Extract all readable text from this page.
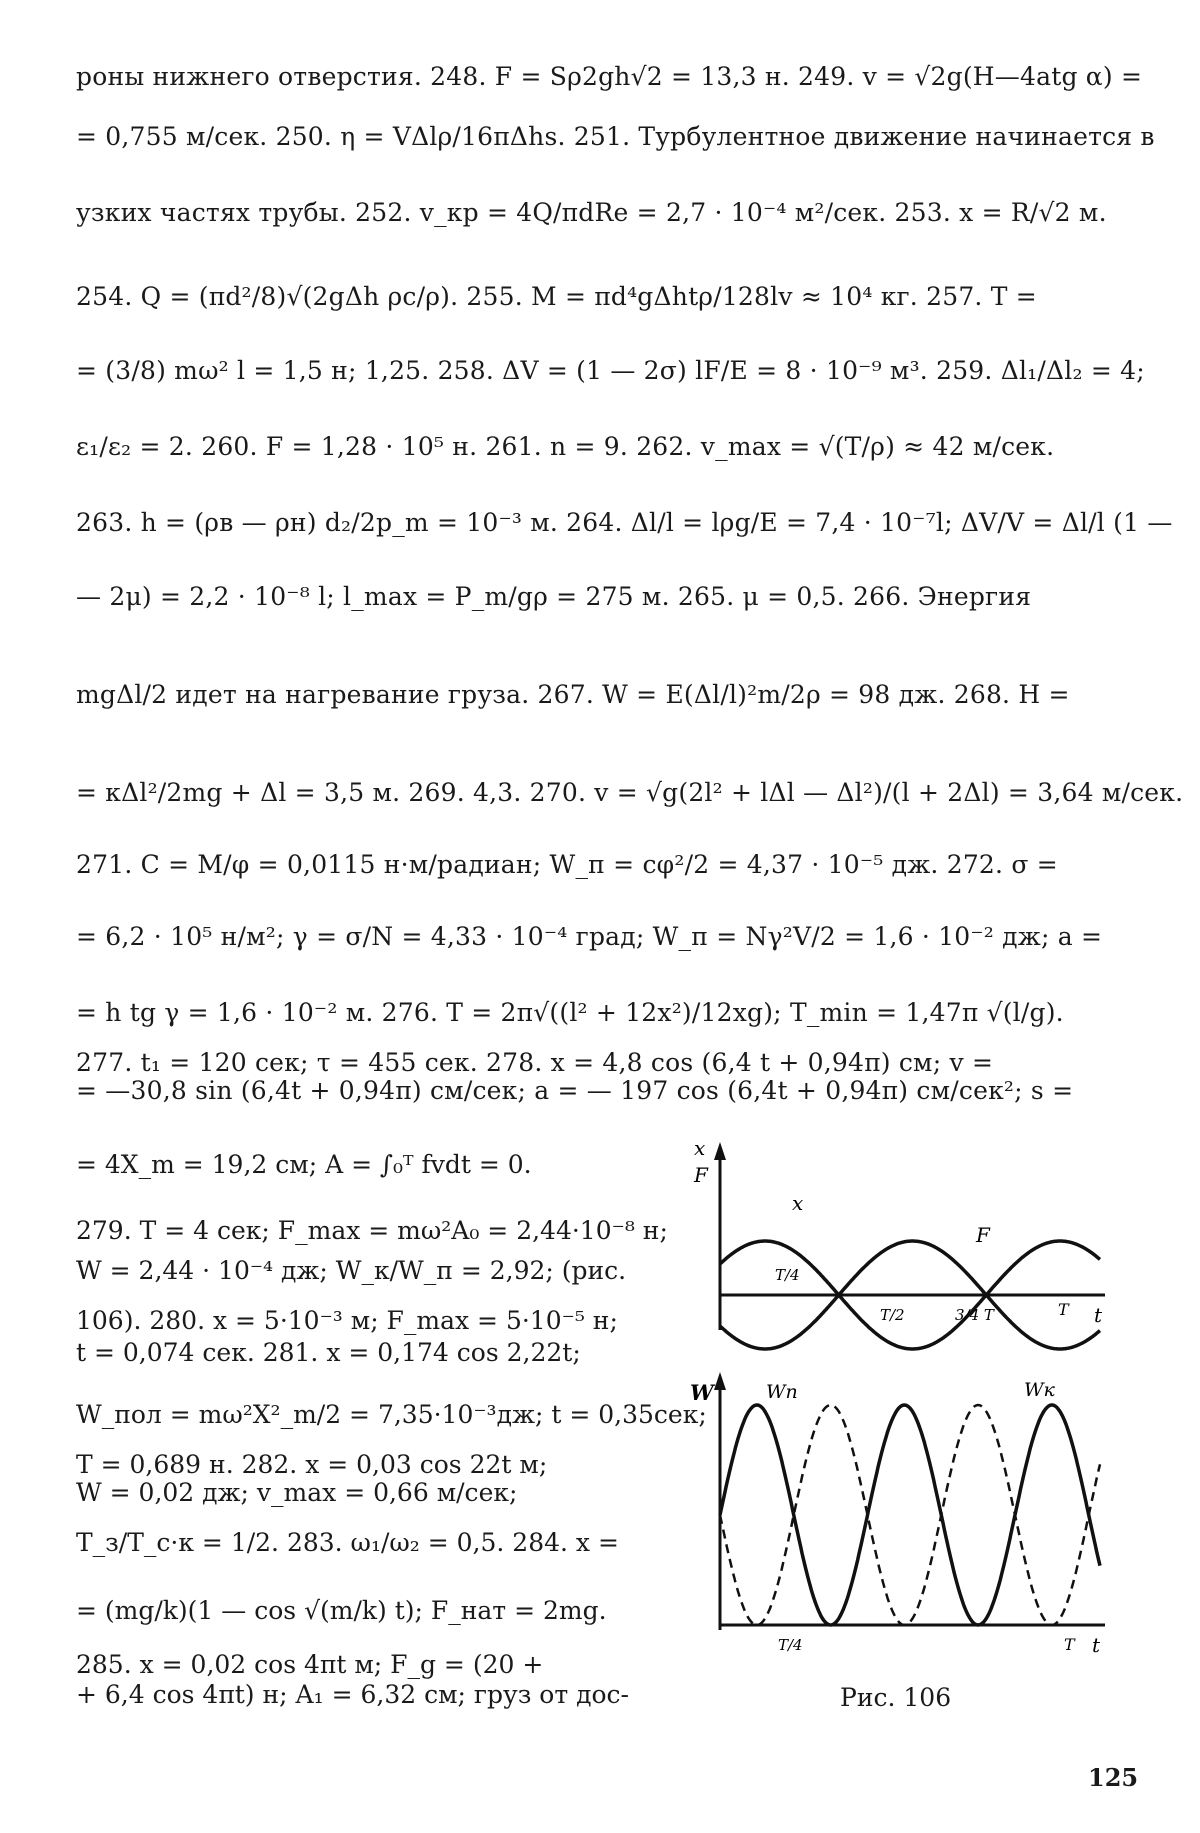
роны нижнего отверстия. 248. F = Sρ2gh√2 = 13,3 н. 249. v = √2g(H—4atg α) =
= 0,755 м/сек. 250. η = VΔlρ/16πΔhs. 251. Турбулентное движение начинается в
узких частях трубы. 252. v_кр = 4Q/πdRe = 2,7 · 10⁻⁴ м²/сек. 253. x = R/√2 м.
254. Q = (πd²/8)√(2gΔh ρc/ρ). 255. M = πd⁴gΔhtρ/128lv ≈ 10⁴ кг. 257. T =
= (3/8) mω² l = 1,5 н; 1,25. 258. ΔV = (1 — 2σ) lF/E = 8 · 10⁻⁹ м³. 259. Δl₁/Δl₂ = 4;
ε₁/ε₂ = 2. 260. F = 1,28 · 10⁵ н. 261. n = 9. 262. v_max = √(T/ρ) ≈ 42 м/сек.
263. h = (ρв — ρн) d₂/2p_m = 10⁻³ м. 264. Δl/l = lρg/E = 7,4 · 10⁻⁷l; ΔV/V = Δl/l (1 —
— 2μ) = 2,2 · 10⁻⁸ l; l_max = P_m/gρ = 275 м. 265. μ = 0,5. 266. Энергия
mgΔl/2 идет на нагревание груза. 267. W = E(Δl/l)²m/2ρ = 98 дж. 268. H =
= κΔl²/2mg + Δl = 3,5 м. 269. 4,3. 270. v = √g(2l² + lΔl — Δl²)/(l + 2Δl) = 3,64 м/сек.
271. C = M/φ = 0,0115 н·м/радиан; W_п = cφ²/2 = 4,37 · 10⁻⁵ дж. 272. σ =
= 6,2 · 10⁵ н/м²; γ = σ/N = 4,33 · 10⁻⁴ град; W_п = Nγ²V/2 = 1,6 · 10⁻² дж; a =
= h tg γ = 1,6 · 10⁻² м. 276. T = 2π√((l² + 12x²)/12xg); T_min = 1,47π √(l/g).
277. t₁ = 120 сек; τ = 455 сек. 278. x = 4,8 cos (6,4 t + 0,94π) см; v =
= —30,8 sin (6,4t + 0,94π) см/сек; a = — 197 cos (6,4t + 0,94π) см/сек²; s =
= 4X_m = 19,2 см; A = ∫₀ᵀ fvdt = 0.
279. T = 4 сек; F_max = mω²A₀ = 2,44·10⁻⁸ н;
W = 2,44 · 10⁻⁴ дж; W_к/W_п = 2,92; (рис.
106). 280. x = 5·10⁻³ м; F_max = 5·10⁻⁵ н;
t = 0,074 сек. 281. x = 0,174 cos 2,22t;
W_пол = mω²X²_m/2 = 7,35·10⁻³дж; t = 0,35сек;
T = 0,689 н. 282. x = 0,03 cos 22t м;
W = 0,02 дж; v_max = 0,66 м/сек;
T_з/T_с·к = 1/2. 283. ω₁/ω₂ = 0,5. 284. x =
= (mg/k)(1 — cos √(m/k) t); F_нат = 2mg.
285. x = 0,02 cos 4πt м; F_g = (20 +
+ 6,4 cos 4πt) н; A₁ = 6,32 см; груз от дос-
x
F
x
F
T/4
T/2	3/4 T	T t
W	Wn	Wк
T/4	T t
Рис. 106
125
